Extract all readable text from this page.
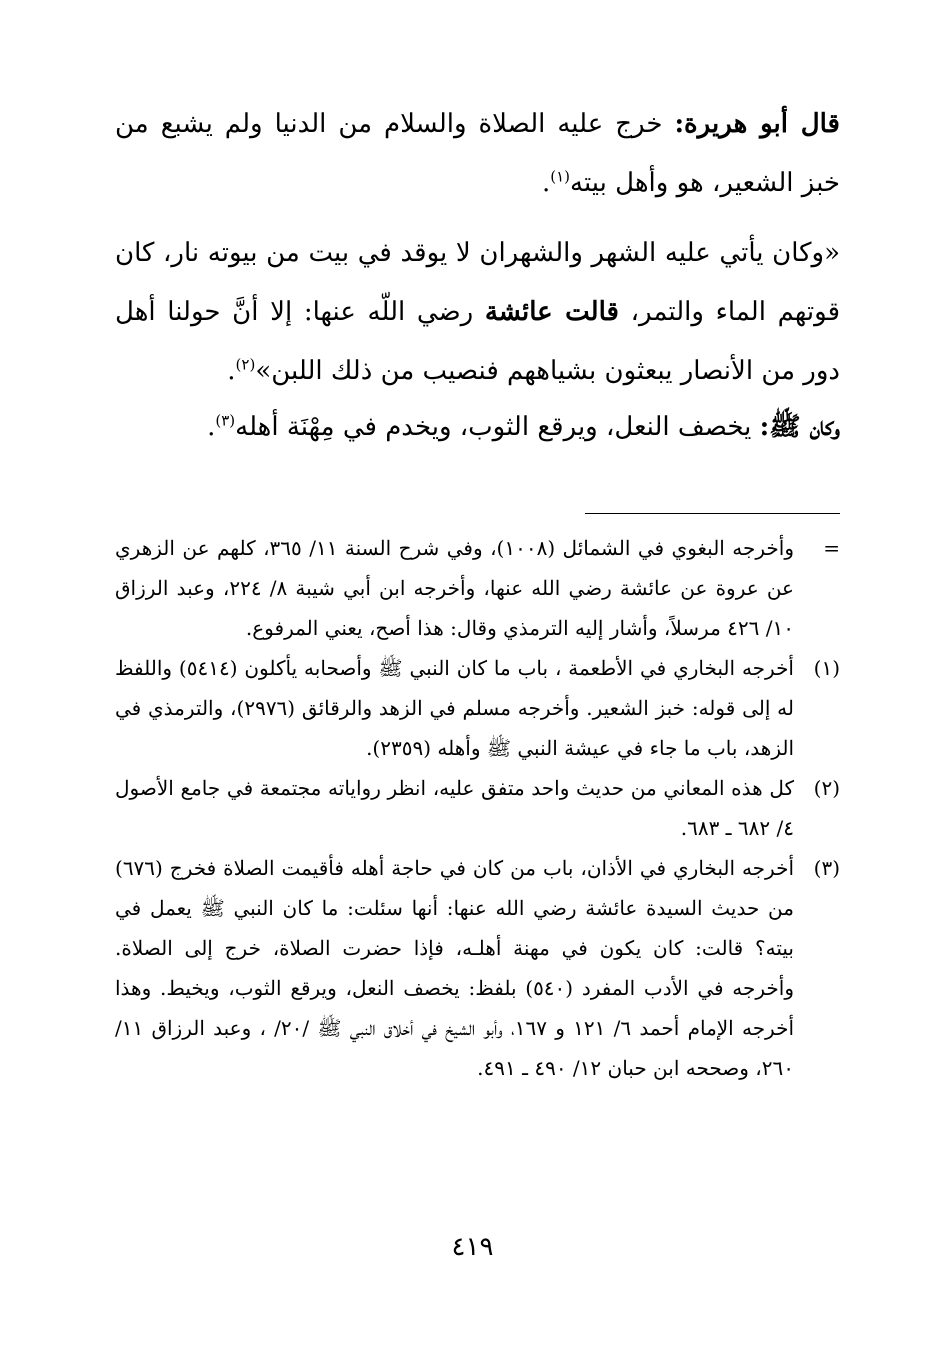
قال أبو هريرة: خرج عليه الصلاة والسلام من الدنيا ولم يشبع من خبز الشعير، هو وأهل بيته$^{(١)}$.
«وكان يأتي عليه الشهر والشهران لا يوقد في بيت من بيوته نار، كان قوتهم الماء والتمر، قالت عائشة رضي اللّه عنها: إلا أنَّ حولنا أهل دور من الأنصار يبعثون بشياههم فنصيب من ذلك اللبن»$^{(٢)}$.
وكان ﷺ: يخصف النعل، ويرقع الثوب، ويخدم في مِهْنَة أهله$^{(٣)}$.
=
وأخرجه البغوي في الشمائل (١٠٠٨)، وفي شرح السنة ١١/ ٣٦٥، كلهم عن الزهري عن عروة عن عائشة رضي الله عنها، وأخرجه ابن أبي شيبة ٨/ ٢٢٤، وعبد الرزاق ١٠/ ٤٢٦ مرسلاً، وأشار إليه الترمذي وقال: هذا أصح، يعني المرفوع.
(١)
أخرجه البخاري في الأطعمة ، باب ما كان النبي ﷺ وأصحابه يأكلون (٥٤١٤) واللفظ له إلى قوله: خبز الشعير. وأخرجه مسلم في الزهد والرقائق (٢٩٧٦)، والترمذي في الزهد، باب ما جاء في عيشة النبي ﷺ وأهله (٢٣٥٩).
(٢)
كل هذه المعاني من حديث واحد متفق عليه، انظر رواياته مجتمعة في جامع الأصول ٤/ ٦٨٢ ـ ٦٨٣.
(٣)
أخرجه البخاري في الأذان، باب من كان في حاجة أهله فأقيمت الصلاة فخرج (٦٧٦) من حديث السيدة عائشة رضي الله عنها: أنها سئلت: ما كان النبي ﷺ يعمل في بيته؟ قالت: كان يكون في مهنة أهلـه، فإذا حضرت الصلاة، خرج إلى الصلاة. وأخرجه في الأدب المفرد (٥٤٠) بلفظ: يخصف النعل، ويرقع الثوب، ويخيط. وهذا أخرجه الإمام أحمد ٦/ ١٢١ و ١٦٧، وأبو الشيخ في أخلاق النبي ﷺ /٢٠/ ، وعبد الرزاق ١١/ ٢٦٠، وصححه ابن حبان ١٢/ ٤٩٠ ـ ٤٩١.
٤١٩
